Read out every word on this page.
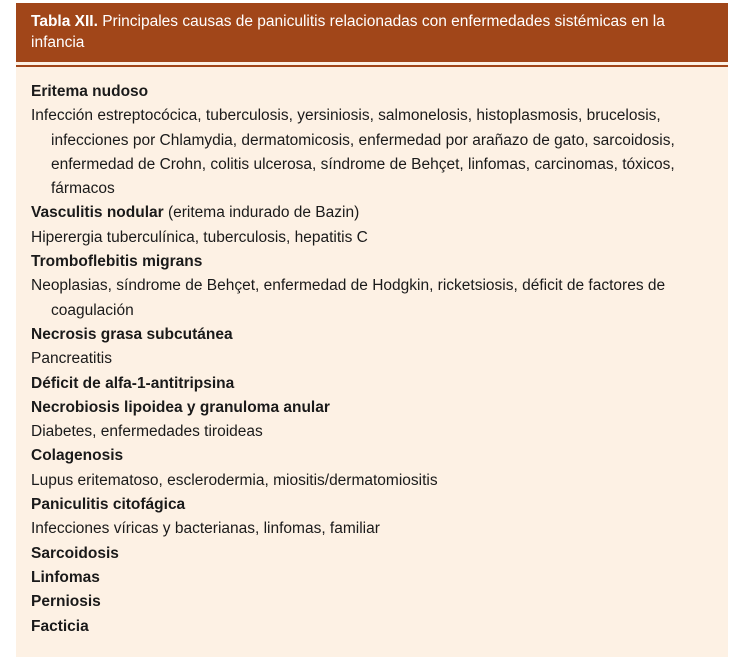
Tabla XII. Principales causas de paniculitis relacionadas con enfermedades sistémicas en la infancia

Eritema nudoso

Infección estreptocócica, tuberculosis, yersiniosis, salmonelosis, histoplasmosis, brucelosis, infecciones por Chlamydia, dermatomicosis, enfermedad por arañazo de gato, sarcoidosis, enfermedad de Crohn, colitis ulcerosa, síndrome de Behçet, linfomas, carcinomas, tóxicos, fármacos

Vasculitis nodular (eritema indurado de Bazin)

Hiperergia tuberculínica, tuberculosis, hepatitis C

Tromboflebitis migrans

Neoplasias, síndrome de Behçet, enfermedad de Hodgkin, ricketsiosis, déficit de factores de coagulación

Necrosis grasa subcutánea

Pancreatitis

Déficit de alfa-1-antitripsina

Necrobiosis lipoidea y granuloma anular

Diabetes, enfermedades tiroideas

Colagenosis

Lupus eritematoso, esclerodermia, miositis/dermatomiositis

Paniculitis citofágica

Infecciones víricas y bacterianas, linfomas, familiar

Sarcoidosis

Linfomas

Perniosis

Facticia
